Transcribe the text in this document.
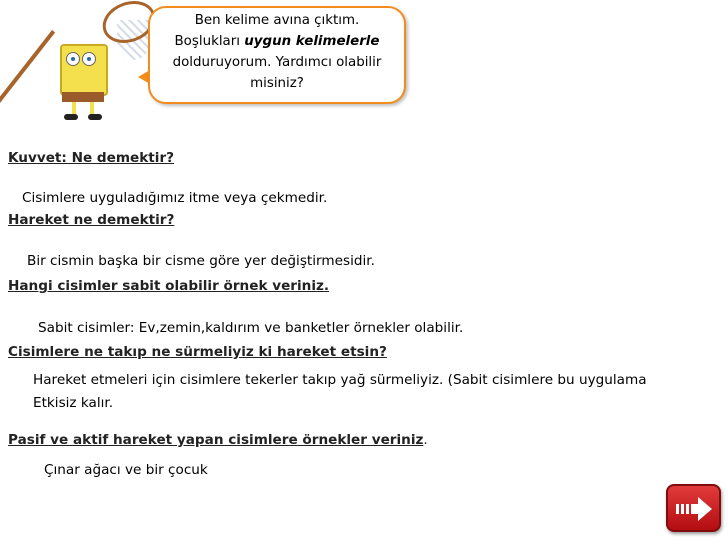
Ben kelime avına çıktım.
Boşlukları uygun kelimelerle
dolduruyorum. Yardımcı olabilir
misiniz?
Kuvvet: Ne demektir?
Cisimlere uyguladığımız itme veya çekmedir.
Hareket ne demektir?
Bir cismin başka bir cisme göre yer değiştirmesidir.
Hangi cisimler sabit olabilir örnek veriniz.
Sabit cisimler: Ev,zemin,kaldırım ve banketler örnekler olabilir.
Cisimlere ne takıp ne sürmeliyiz ki hareket etsin?
Hareket etmeleri için cisimlere tekerler takıp yağ sürmeliyiz. (Sabit cisimlere bu uygulama
Etkisiz kalır.
Pasif ve aktif hareket yapan cisimlere örnekler veriniz.
Çınar ağacı ve bir çocuk
